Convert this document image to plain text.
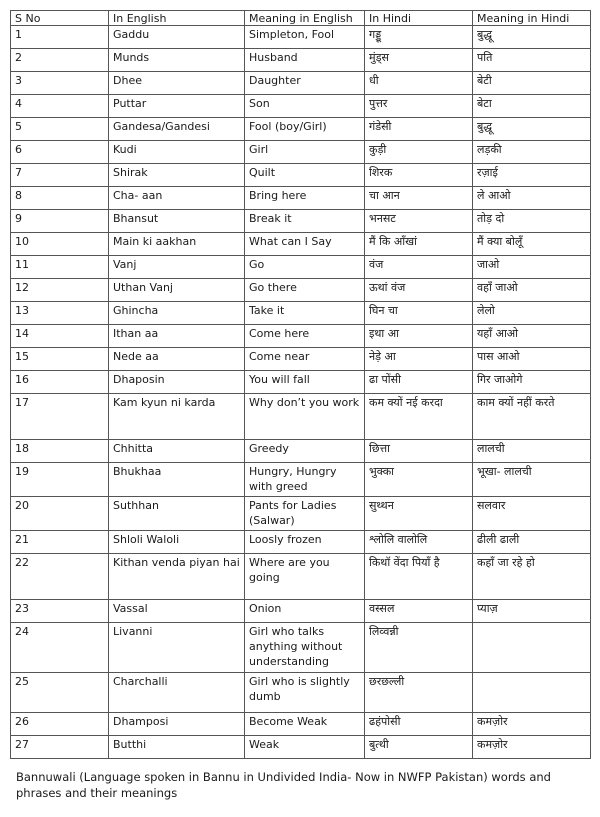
S No	In English	Meaning in English	In Hindi	Meaning in Hindi
1	Gaddu	Simpleton, Fool	गड्डू	बुद्धू
2	Munds	Husband	मुंड्स	पति
3	Dhee	Daughter	धी	बेटी
4	Puttar	Son	पुत्तर	बेटा
5	Gandesa/Gandesi	Fool (boy/Girl)	गंडेसी	बुद्धू
6	Kudi	Girl	कुड़ी	लड़की
7	Shirak	Quilt	शिरक	रज़ाई
8	Cha- aan	Bring here	चा आन	ले आओ
9	Bhansut	Break it	भनसट	तोड़ दो
10	Main ki aakhan	What can I Say	मैं कि आँखां	मैं क्या बोलूँ
11	Vanj	Go	वंज	जाओ
12	Uthan Vanj	Go there	ऊथां वंज	वहाँ जाओ
13	Ghincha	Take it	घिन चा	लेलो
14	Ithan aa	Come here	इथा आ	यहाँ आओ
15	Nede aa	Come near	नेड़े आ	पास आओ
16	Dhaposin	You will fall	ढा पोंसी	गिर जाओगे
17	Kam kyun ni karda	Why don’t you work	कम क्यों नई करदा	काम क्यों नहीं करते
18	Chhitta	Greedy	छित्ता	लालची
19	Bhukhaa	Hungry, Hungry with greed	भुक्का	भूखा- लालची
20	Suthhan	Pants for Ladies (Salwar)	सुथ्थन	सलवार
21	Shloli Waloli	Loosly frozen	श्लोलि वालोलि	ढीली ढाली
22	Kithan venda piyan hai	Where are you going	किथॉ वेंदा पियाँ है	कहाँ जा रहे हो
23	Vassal	Onion	वस्सल	प्याज़
24	Livanni	Girl who talks anything without understanding	लिव्वन्नी	
25	Charchalli	Girl who is slightly dumb	छरछल्ली	
26	Dhamposi	Become Weak	ढहंपोसी	कमज़ोर
27	Butthi	Weak	बुत्थी	कमज़ोर
Bannuwali (Language spoken in Bannu in Undivided India- Now in NWFP Pakistan) words and phrases and their meanings
